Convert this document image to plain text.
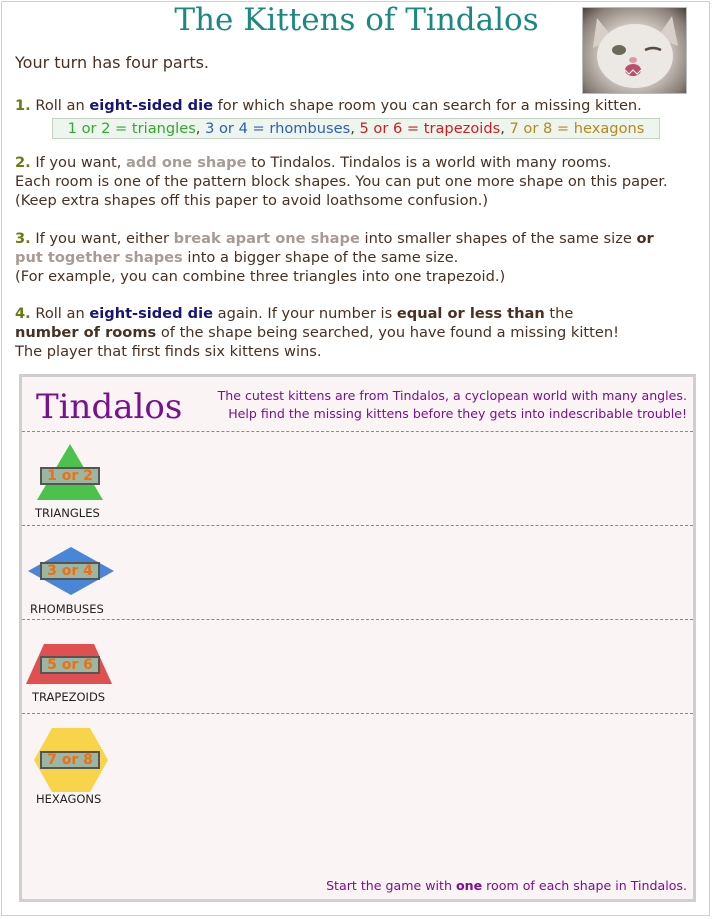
The Kittens of Tindalos
Your turn has four parts.
1. Roll an eight-sided die for which shape room you can search for a missing kitten.
1 or 2 = triangles, 3 or 4 = rhombuses, 5 or 6 = trapezoids, 7 or 8 = hexagons
2. If you want, add one shape to Tindalos. Tindalos is a world with many rooms.
Each room is one of the pattern block shapes. You can put one more shape on this paper.
(Keep extra shapes off this paper to avoid loathsome confusion.)
3. If you want, either break apart one shape into smaller shapes of the same size or
put together shapes into a bigger shape of the same size.
(For example, you can combine three triangles into one trapezoid.)
4. Roll an eight-sided die again. If your number is equal or less than the
number of rooms of the shape being searched, you have found a missing kitten!
The player that first finds six kittens wins.
Tindalos	The cutest kittens are from Tindalos, a cyclopean world with many angles.
Help find the missing kittens before they gets into indescribable trouble!
1 or 2
TRIANGLES
3 or 4
RHOMBUSES
5 or 6
TRAPEZOIDS
7 or 8
HEXAGONS
Start the game with one room of each shape in Tindalos.
